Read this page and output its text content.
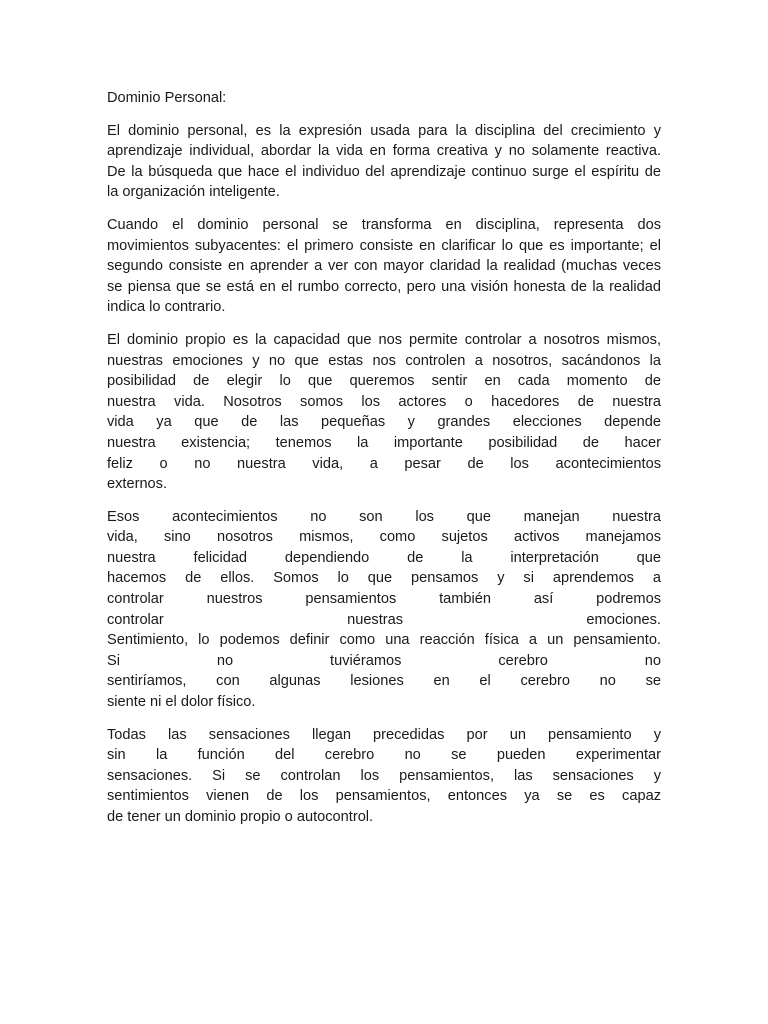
Dominio Personal:

El dominio personal, es la expresión usada para la disciplina del crecimiento y
aprendizaje individual, abordar la vida en forma creativa y no solamente reactiva.
De la búsqueda que hace el individuo del aprendizaje continuo surge el espíritu de
la organización inteligente.
Cuando el dominio personal se transforma en disciplina, representa dos
movimientos subyacentes: el primero consiste en clarificar lo que es importante; el
segundo consiste en aprender a ver con mayor claridad la realidad (muchas veces
se piensa que se está en el rumbo correcto, pero una visión honesta de la realidad
indica lo contrario.
El dominio propio es la capacidad que nos permite controlar a nosotros mismos,
nuestras emociones y no que estas nos controlen a nosotros, sacándonos la
posibilidad de elegir lo que queremos sentir en cada momento de
nuestra vida. Nosotros somos los actores o hacedores de nuestra
vida ya que de las pequeñas y grandes elecciones depende
nuestra existencia; tenemos la importante posibilidad de hacer
feliz o no nuestra vida, a pesar de los acontecimientos
externos.
Esos acontecimientos no son los que manejan nuestra
vida, sino nosotros mismos, como sujetos activos manejamos
nuestra felicidad dependiendo de la interpretación que
hacemos de ellos. Somos lo que pensamos y si aprendemos a
controlar nuestros pensamientos también así podremos
controlar nuestras emociones.
Sentimiento, lo podemos definir como una reacción física a un pensamiento.
Si no tuviéramos cerebro no
sentiríamos, con algunas lesiones en el cerebro no se
siente ni el dolor físico.
Todas las sensaciones llegan precedidas por un pensamiento y
sin la función del cerebro no se pueden experimentar
sensaciones. Si se controlan los pensamientos, las sensaciones y
sentimientos vienen de los pensamientos, entonces ya se es capaz
de tener un dominio propio o autocontrol.
